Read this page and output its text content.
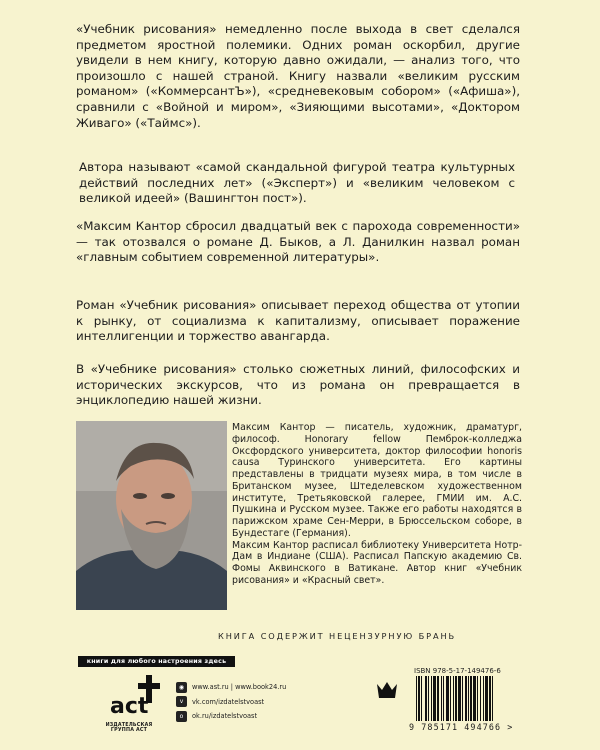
«Учебник рисования» немедленно после выхода в свет сделался предметом яростной полемики. Одних роман оскорбил, другие увидели в нем книгу, которую давно ожидали, — анализ того, что произошло с нашей страной. Книгу назвали «великим русским романом» («КоммерсантЪ»), «средневековым собором» («Афиша»), сравнили с «Войной и миром», «Зияющими высотами», «Доктором Живаго» («Таймс»).

Автора называют «самой скандальной фигурой театра культурных действий последних лет» («Эксперт») и «великим человеком с великой идеей» (Вашингтон пост»).

«Максим Кантор сбросил двадцатый век с парохода современности» — так отозвался о романе Д. Быков, а Л. Данилкин назвал роман «главным событием современной литературы».

Роман «Учебник рисования» описывает переход общества от утопии к рынку, от социализма к капитализму, описывает поражение интеллигенции и торжество авангарда.

В «Учебнике рисования» столько сюжетных линий, философских и исторических экскурсов, что из романа он превращается в энциклопедию нашей жизни.

Максим Кантор — писатель, художник, драматург, философ. Honorary fellow Пемброк-колледжа Оксфордского университета, доктор философии honoris causa Туринского университета. Его картины представлены в тридцати музеях мира, в том числе в Британском музее, Штеделевском художественном институте, Третьяковской галерее, ГМИИ им. А.С. Пушкина и Русском музее. Также его работы находятся в парижском храме Сен-Мерри, в Брюссельском соборе, в Бундестаге (Германия).

Максим Кантор расписал библиотеку Университета Нотр-Дам в Индиане (США). Расписал Папскую академию Св. Фомы Аквинского в Ватикане. Автор книг «Учебник рисования» и «Красный свет».

КНИГА СОДЕРЖИТ НЕЦЕНЗУРНУЮ БРАНЬ
книги для любого настроения здесь
act
ИЗДАТЕЛЬСКАЯ ГРУППА АСТ
◉	www.ast.ru | www.book24.ru
v	vk.com/izdatelstvoast
o	ok.ru/izdatelstvoast
ISBN 978-5-17-149476-6
9 785171 494766 >
